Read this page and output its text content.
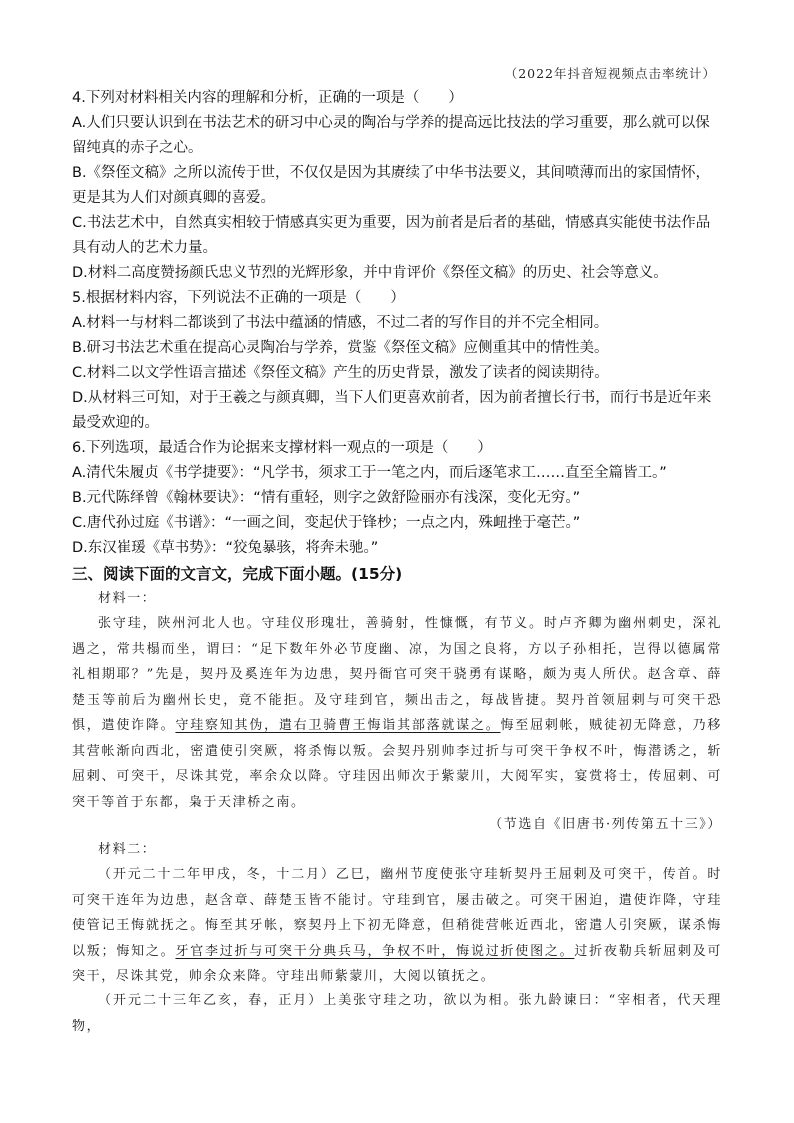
（2022年抖音短视频点击率统计）

4.下列对材料相关内容的理解和分析，正确的一项是（　　）

A.人们只要认识到在书法艺术的研习中心灵的陶冶与学养的提高远比技法的学习重要，那么就可以保留纯真的赤子之心。

B.《祭侄文稿》之所以流传于世，不仅仅是因为其赓续了中华书法要义，其间喷薄而出的家国情怀，更是其为人们对颜真卿的喜爱。

C.书法艺术中，自然真实相较于情感真实更为重要，因为前者是后者的基础，情感真实能使书法作品具有动人的艺术力量。

D.材料二高度赞扬颜氏忠义节烈的光辉形象，并中肯评价《祭侄文稿》的历史、社会等意义。

5.根据材料内容，下列说法不正确的一项是（　　）

A.材料一与材料二都谈到了书法中蕴涵的情感，不过二者的写作目的并不完全相同。

B.研习书法艺术重在提高心灵陶冶与学养，赏鉴《祭侄文稿》应侧重其中的情性美。

C.材料二以文学性语言描述《祭侄文稿》产生的历史背景，激发了读者的阅读期待。

D.从材料三可知，对于王羲之与颜真卿，当下人们更喜欢前者，因为前者擅长行书，而行书是近年来最受欢迎的。

6.下列选项，最适合作为论据来支撑材料一观点的一项是（　　）

A.清代朱履贞《书学捷要》：“凡学书，须求工于一笔之内，而后逐笔求工……直至全篇皆工。”

B.元代陈绎曾《翰林要诀》：“情有重轻，则字之敛舒险丽亦有浅深，变化无穷。”

C.唐代孙过庭《书谱》：“一画之间，变起伏于锋杪；一点之内，殊衄挫于毫芒。”

D.东汉崔瑗《草书势》：“狡兔暴骇，将奔未驰。”

三、阅读下面的文言文，完成下面小题。(15分)

材料一：

张守珪，陕州河北人也。守珪仪形瑰壮，善骑射，性慷慨，有节义。时卢齐卿为幽州刺史，深礼遇之，常共榻而坐，谓曰：“足下数年外必节度幽、凉，为国之良将，方以子孙相托，岂得以德属常礼相期耶？”先是，契丹及奚连年为边患，契丹衙官可突干骁勇有谋略，颇为夷人所伏。赵含章、薛楚玉等前后为幽州长史，竟不能拒。及守珪到官，频出击之，每战皆捷。契丹首领屈剌与可突干恐惧，遣使诈降。守珪察知其伪，遣右卫骑曹王悔诣其部落就谋之。悔至屈剌帐，贼徒初无降意，乃移其营帐渐向西北，密遣使引突厥，将杀悔以叛。会契丹别帅李过折与可突干争权不叶，悔潜诱之，斩屈剌、可突干，尽诛其党，率余众以降。守珪因出师次于紫蒙川，大阅军实，宴赏将士，传屈剌、可突干等首于东都，枭于天津桥之南。

（节选自《旧唐书·列传第五十三》）

材料二：

（开元二十二年甲戌，冬，十二月）乙巳，幽州节度使张守珪斩契丹王屈剌及可突干，传首。时可突干连年为边患，赵含章、薛楚玉皆不能讨。守珪到官，屡击破之。可突干困迫，遣使诈降，守珪使管记王悔就抚之。悔至其牙帐，察契丹上下初无降意，但稍徙营帐近西北，密遣人引突厥，谋杀悔以叛；悔知之。牙官李过折与可突干分典兵马，争权不叶，悔说过折使图之。过折夜勒兵斩屈剌及可突干，尽诛其党，帅余众来降。守珪出师紫蒙川，大阅以镇抚之。

（开元二十三年乙亥，春，正月）上美张守珪之功，欲以为相。张九龄谏曰：“宰相者，代天理物，
